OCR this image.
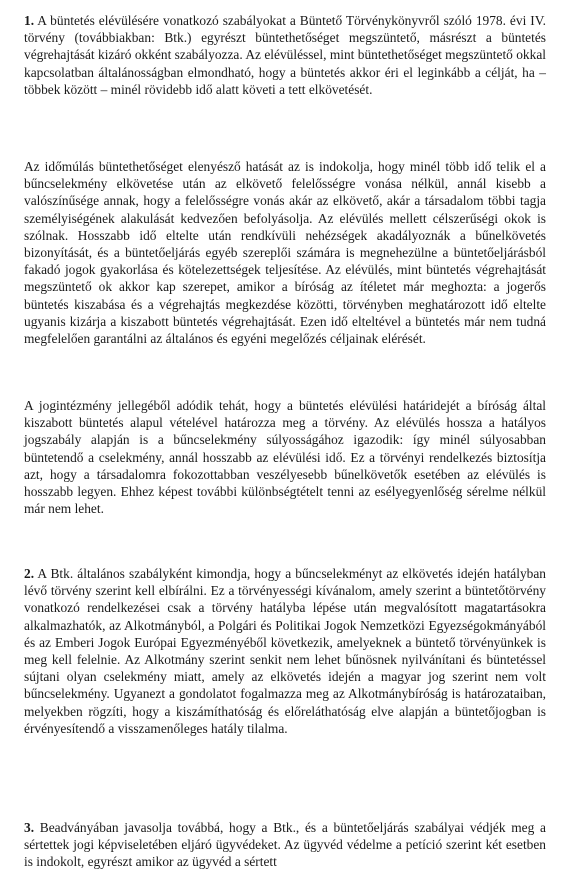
1. A büntetés elévülésére vonatkozó szabályokat a Büntető Törvénykönyvről szóló 1978. évi IV. törvény (továbbiakban: Btk.) egyrészt büntethetőséget megszüntető, másrészt a büntetés végrehajtását kizáró okként szabályozza. Az elévüléssel, mint büntethetőséget megszüntető okkal kapcsolatban általánosságban elmondható, hogy a büntetés akkor éri el leginkább a célját, ha – többek között – minél rövidebb idő alatt követi a tett elkövetését.

Az időmúlás büntethetőséget elenyésző hatását az is indokolja, hogy minél több idő telik el a bűncselekmény elkövetése után az elkövető felelősségre vonása nélkül, annál kisebb a valószínűsége annak, hogy a felelősségre vonás akár az elkövető, akár a társadalom többi tagja személyiségének alakulását kedvezően befolyásolja. Az elévülés mellett célszerűségi okok is szólnak. Hosszabb idő eltelte után rendkívüli nehézségek akadályoznák a bűnelkövetés bizonyítását, és a büntetőeljárás egyéb szereplői számára is megnehezülne a büntetőeljárásból fakadó jogok gyakorlása és kötelezettségek teljesítése. Az elévülés, mint büntetés végrehajtását megszüntető ok akkor kap szerepet, amikor a bíróság az ítéletet már meghozta: a jogerős büntetés kiszabása és a végrehajtás megkezdése közötti, törvényben meghatározott idő eltelte ugyanis kizárja a kiszabott büntetés végrehajtását. Ezen idő elteltével a büntetés már nem tudná megfelelően garantálni az általános és egyéni megelőzés céljainak elérését.

A jogintézmény jellegéből adódik tehát, hogy a büntetés elévülési határidejét a bíróság által kiszabott büntetés alapul vételével határozza meg a törvény. Az elévülés hossza a hatályos jogszabály alapján is a bűncselekmény súlyosságához igazodik: így minél súlyosabban büntetendő a cselekmény, annál hosszabb az elévülési idő. Ez a törvényi rendelkezés biztosítja azt, hogy a társadalomra fokozottabban veszélyesebb bűnelkövetők esetében az elévülés is hosszabb legyen. Ehhez képest további különbségtételt tenni az esélyegyenlőség sérelme nélkül már nem lehet.

2. A Btk. általános szabályként kimondja, hogy a bűncselekményt az elkövetés idején hatályban lévő törvény szerint kell elbírálni. Ez a törvényességi kívánalom, amely szerint a büntetőtörvény vonatkozó rendelkezései csak a törvény hatályba lépése után megvalósított magatartásokra alkalmazhatók, az Alkotmányból, a Polgári és Politikai Jogok Nemzetközi Egyezségokmányából és az Emberi Jogok Európai Egyezményéből következik, amelyeknek a büntető törvényünkek is meg kell felelnie. Az Alkotmány szerint senkit nem lehet bűnösnek nyilvánítani és büntetéssel sújtani olyan cselekmény miatt, amely az elkövetés idején a magyar jog szerint nem volt bűncselekmény. Ugyanezt a gondolatot fogalmazza meg az Alkotmánybíróság is határozataiban, melyekben rögzíti, hogy a kiszámíthatóság és előreláthatóság elve alapján a büntetőjogban is érvényesítendő a visszamenőleges hatály tilalma.

3. Beadványában javasolja továbbá, hogy a Btk., és a büntetőeljárás szabályai védjék meg a sértettek jogi képviseletében eljáró ügyvédeket. Az ügyvéd védelme a petíció szerint két esetben is indokolt, egyrészt amikor az ügyvéd a sértett
